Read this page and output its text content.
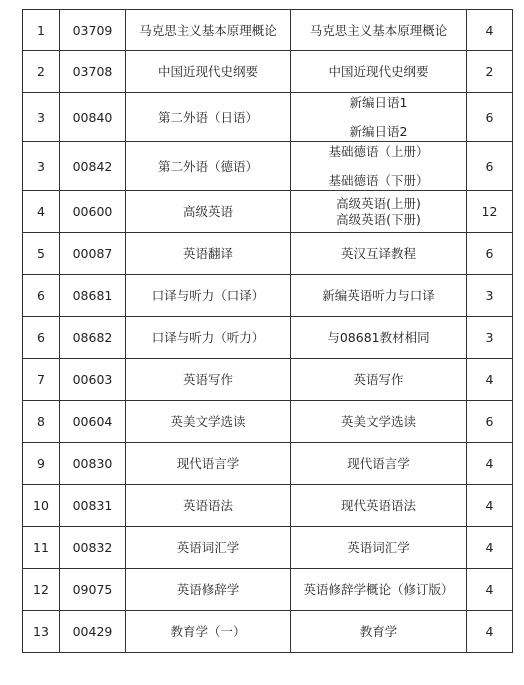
1	03709	马克思主义基本原理概论	马克思主义基本原理概论	4
2	03708	中国近现代史纲要	中国近现代史纲要	2
3	00840	第二外语（日语）	新编日语1
新编日语2	6
3	00842	第二外语（德语）	基础德语（上册）
基础德语（下册）	6
4	00600	高级英语	高级英语(上册)
高级英语(下册)	12
5	00087	英语翻译	英汉互译教程	6
6	08681	口译与听力（口译）	新编英语听力与口译	3
6	08682	口译与听力（听力）	与08681教材相同	3
7	00603	英语写作	英语写作	4
8	00604	英美文学选读	英美文学选读	6
9	00830	现代语言学	现代语言学	4
10	00831	英语语法	现代英语语法	4
11	00832	英语词汇学	英语词汇学	4
12	09075	英语修辞学	英语修辞学概论（修订版）	4
13	00429	教育学（一）	教育学	4
